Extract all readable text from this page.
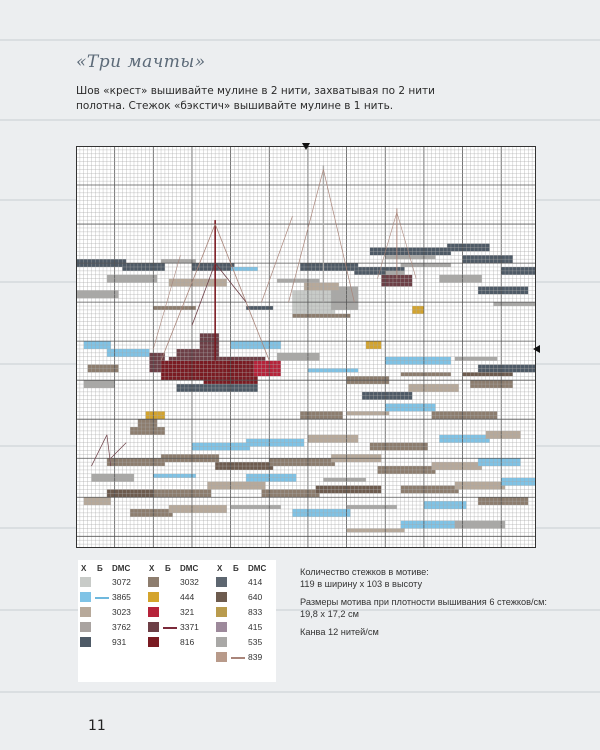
«Три мачты»
Шов «крест» вышивайте мулине в 2 нити, захватывая по 2 нити полотна. Стежок «бэкстич» вышивайте мулине в 1 нить.
Х Б DMC
3072
3865
3023
3762
931
Х Б DMC
3032
444
321
3371
816
Х Б DMC
414
640
833
415
535
839

Количество стежков в мотиве:
119 в ширину х 103 в высоту

Размеры мотива при плотности вышивания 6 стежков/см:
19,8 х 17,2 см

Канва 12 нитей/см

11
